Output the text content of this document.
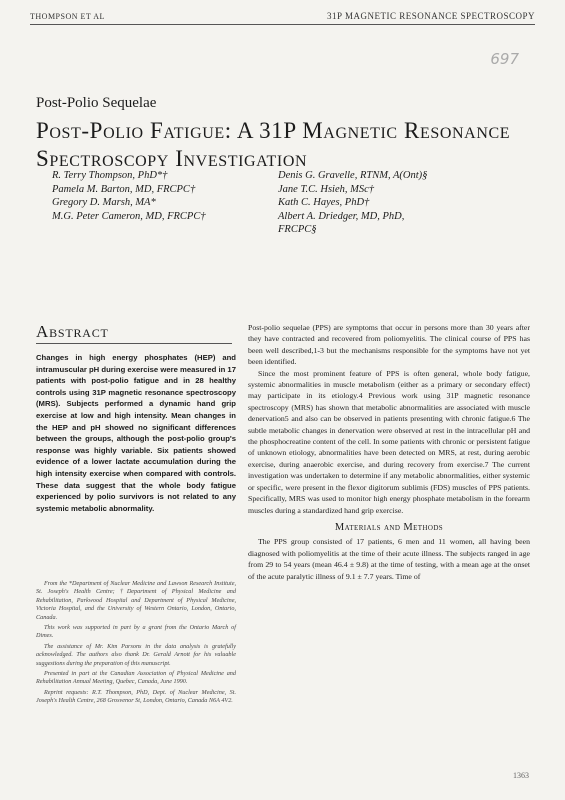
THOMPSON ET AL	31P MAGNETIC RESONANCE SPECTROSCOPY
697
Post-Polio Sequelae
Post-Polio Fatigue: A 31P Magnetic Resonance Spectroscopy Investigation
R. Terry Thompson, PhD*†
Pamela M. Barton, MD, FRCPC†
Gregory D. Marsh, MA*
M.G. Peter Cameron, MD, FRCPC†
Denis G. Gravelle, RTNM, A(Ont)§
Jane T.C. Hsieh, MSc†
Kath C. Hayes, PhD†
Albert A. Driedger, MD, PhD,
FRCPC§
Abstract
Changes in high energy phosphates (HEP) and intramuscular pH during exercise were measured in 17 patients with post-polio fatigue and in 28 healthy controls using 31P magnetic resonance spectroscopy (MRS). Subjects performed a dynamic hand grip exercise at low and high intensity. Mean changes in the HEP and pH showed no significant differences between the groups, although the post-polio group's response was highly variable. Six patients showed evidence of a lower lactate accumulation during the high intensity exercise when compared with controls. These data suggest that the whole body fatigue experienced by polio survivors is not related to any systemic metabolic abnormality.

From the *Department of Nuclear Medicine and Lawson Research Institute, St. Joseph's Health Centre; †Department of Physical Medicine and Rehabilitation, Parkwood Hospital and Department of Physical Medicine, Victoria Hospital, and the University of Western Ontario, London, Ontario, Canada.

This work was supported in part by a grant from the Ontario March of Dimes.

The assistance of Mr. Kim Parsons in the data analysis is gratefully acknowledged. The authors also thank Dr. Gerald Arnott for his valuable suggestions during the preparation of this manuscript.

Presented in part at the Canadian Association of Physical Medicine and Rehabilitation Annual Meeting, Quebec, Canada, June 1990.

Reprint requests: R.T. Thompson, PhD, Dept. of Nuclear Medicine, St. Joseph's Health Centre, 268 Grosvenor St, London, Ontario, Canada N6A 4V2.

Post-polio sequelae (PPS) are symptoms that occur in persons more than 30 years after they have contracted and recovered from poliomyelitis. The clinical course of PPS has been well described,1-3 but the mechanisms responsible for the symptoms have not yet been identified.

Since the most prominent feature of PPS is often general, whole body fatigue, systemic abnormalities in muscle metabolism (either as a primary or secondary effect) may participate in its etiology.4 Previous work using 31P magnetic resonance spectroscopy (MRS) has shown that metabolic abnormalities are associated with muscle denervation5 and also can be observed in patients presenting with chronic fatigue.6 The subtle metabolic changes in denervation were observed at rest in the intracellular pH and the phosphocreatine content of the cell. In some patients with chronic or persistent fatigue of unknown etiology, abnormalities have been detected on MRS, at rest, during aerobic exercise, during anaerobic exercise, and during recovery from exercise.7 The current investigation was undertaken to determine if any metabolic abnormalities, either systemic or specific, were present in the flexor digitorum sublimis (FDS) muscles of PPS patients. Specifically, MRS was used to monitor high energy phosphate metabolism in the forearm muscles during a standardized hand grip exercise.

Materials and Methods

The PPS group consisted of 17 patients, 6 men and 11 women, all having been diagnosed with poliomyelitis at the time of their acute illness. The subjects ranged in age from 29 to 54 years (mean 46.4 ± 9.8) at the time of testing, with a mean age at the onset of the acute paralytic illness of 9.1 ± 7.7 years. Time of

1363
